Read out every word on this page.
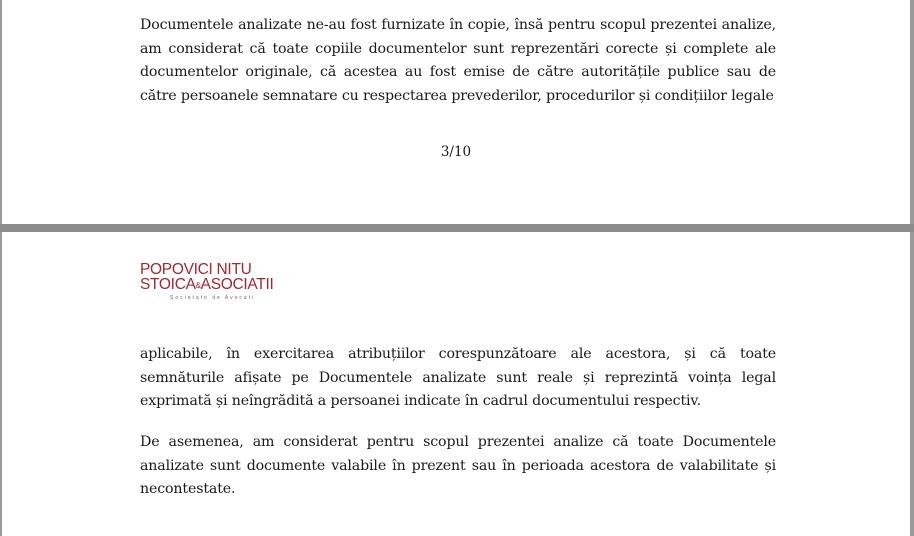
Documentele analizate ne-au fost furnizate în copie, însă pentru scopul prezentei analize, am considerat că toate copiile documentelor sunt reprezentări corecte și complete ale documentelor originale, că acestea au fost emise de către autoritățile publice sau de către persoanele semnatare cu respectarea prevederilor, procedurilor și condițiilor legale
3/10
POPOVICI NITU
STOICA&ASOCIATII
Societate de Avocati
aplicabile, în exercitarea atribuțiilor corespunzătoare ale acestora, și că toate semnăturile afișate pe Documentele analizate sunt reale și reprezintă voința legal exprimată și neîngrădită a persoanei indicate în cadrul documentului respectiv.
De asemenea, am considerat pentru scopul prezentei analize că toate Documentele analizate sunt documente valabile în prezent sau în perioada acestora de valabilitate și necontestate.
